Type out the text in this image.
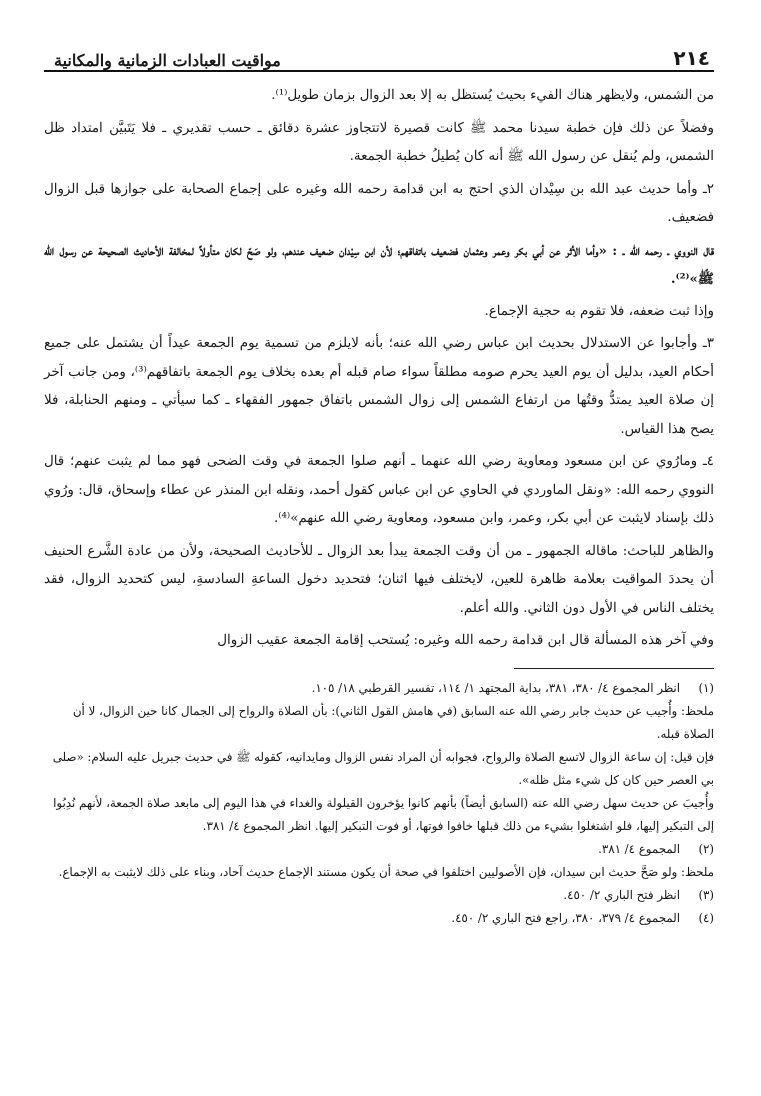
٢١٤
مواقيت العبادات الزمانية والمكانية

من الشمس، ولايظهر هناك الفيء بحيث يُستظل به إلا بعد الزوال بزمان طويل⁽¹⁾.

وفضلاً عن ذلك فإن خطبة سيدنا محمد ﷺ كانت قصيرة لاتتجاوز عشرة دقائق ـ حسب تقديري ـ فلا يَتَبيَّن امتداد ظل الشمس، ولم يُنقل عن رسول الله ﷺ أنه كان يُطيلُ خطبة الجمعة.

٢ـ وأما حديث عبد الله بن سِيْدان الذي احتج به ابن قدامة رحمه الله وغيره على إجماع الصحابة على جوازها قبل الزوال فضعيف.

قال النووي ـ رحمه الله ـ : «وأما الأثر عن أبي بكر وعمر وعثمان فضعيف باتفاقهم؛ لأن ابن سِيْدان ضعيف عندهم، ولو صَحّ لكان متأولاً لمخالفة الأحاديث الصحيحة عن رسول الله ﷺ»⁽²⁾.

وإذا ثبت ضعفه، فلا تقوم به حجية الإجماع.

٣ـ وأجابوا عن الاستدلال بحديث ابن عباس رضي الله عنه؛ بأنه لايلزم من تسمية يوم الجمعة عيداً أن يشتمل على جميع أحكام العيد، بدليل أن يوم العيد يحرم صومه مطلقاً سواء صام قبله أم بعده بخلاف يوم الجمعة باتفاقهم⁽³⁾، ومن جانب آخر إن صلاة العيد يمتدُّ وقتُها من ارتفاع الشمس إلى زوال الشمس باتفاق جمهور الفقهاء ـ كما سيأتي ـ ومنهم الحنابلة، فلا يصح هذا القياس.

٤ـ ومارُوي عن ابن مسعود ومعاوية رضي الله عنهما ـ أنهم صلوا الجمعة في وقت الضحى فهو مما لم يثبت عنهم؛ قال النووي رحمه الله: «ونقل الماوردي في الحاوي عن ابن عباس كقول أحمد، ونقله ابن المنذر عن عطاء وإسحاق، قال: ورُوي ذلك بإسناد لايثبت عن أبي بكر، وعمر، وابن مسعود، ومعاوية رضي الله عنهم»⁽⁴⁾.

والظاهر للباحث: ماقاله الجمهور ـ من أن وقت الجمعة يبدأ بعد الزوال ـ للأحاديث الصحيحة، ولأن من عادة الشَّرع الحنيف أن يحددَ المواقيت بعلامة ظاهرة للعين، لايختلف فيها اثنان؛ فتحديد دخول الساعةِ السادسةِ، ليس كتحديد الزوال، فقد يختلف الناس في الأول دون الثاني. والله أعلم.

وفي آخر هذه المسألة قال ابن قدامة رحمه الله وغيره: يُستحب إقامة الجمعة عقيب الزوال

(١)
انظر المجموع ٤/ ٣٨٠، ٣٨١، بداية المجتهد ١/ ١١٤، تفسير القرطبي ١٨/ ١٠٥.
ملحظ: وأُجيب عن حديث جابر رضي الله عنه السابق (في هامش القول الثاني): بأن الصلاة والرواح إلى الجمال كانا حين الزوال، لا أن الصلاة قبله.
فإن قيل: إن ساعة الزوال لاتسع الصلاة والرواح، فجوابه أن المراد نفس الزوال ومايدانيه، كقوله ﷺ في حديث جبريل عليه السلام: «صلى بي العصر حين كان كل شيء مثل ظله».
وأُجيبَ عن حديث سهل رضي الله عنه (السابق أيضاً) بأنهم كانوا يؤخرون القيلولة والغداء في هذا اليوم إلى مابعد صلاة الجمعة، لأنهم نُدِبُوا إلى التبكير إليها، فلو اشتغلوا بشيء من ذلك قبلها خافوا فوتها، أو فوت التبكير إليها. انظر المجموع ٤/ ٣٨١.
(٢)
المجموع ٤/ ٣٨١.
ملحظ: ولو صَحَّ حديث ابن سيدان، فإن الأصوليين اختلفوا في صحة أن يكون مستند الإجماع حديث آحاد، وبناء على ذلك لايثبت به الإجماع.
(٣)
انظر فتح الباري ٢/ ٤٥٠.
(٤)
المجموع ٤/ ٣٧٩، ٣٨٠، راجع فتح الباري ٢/ ٤٥٠.
